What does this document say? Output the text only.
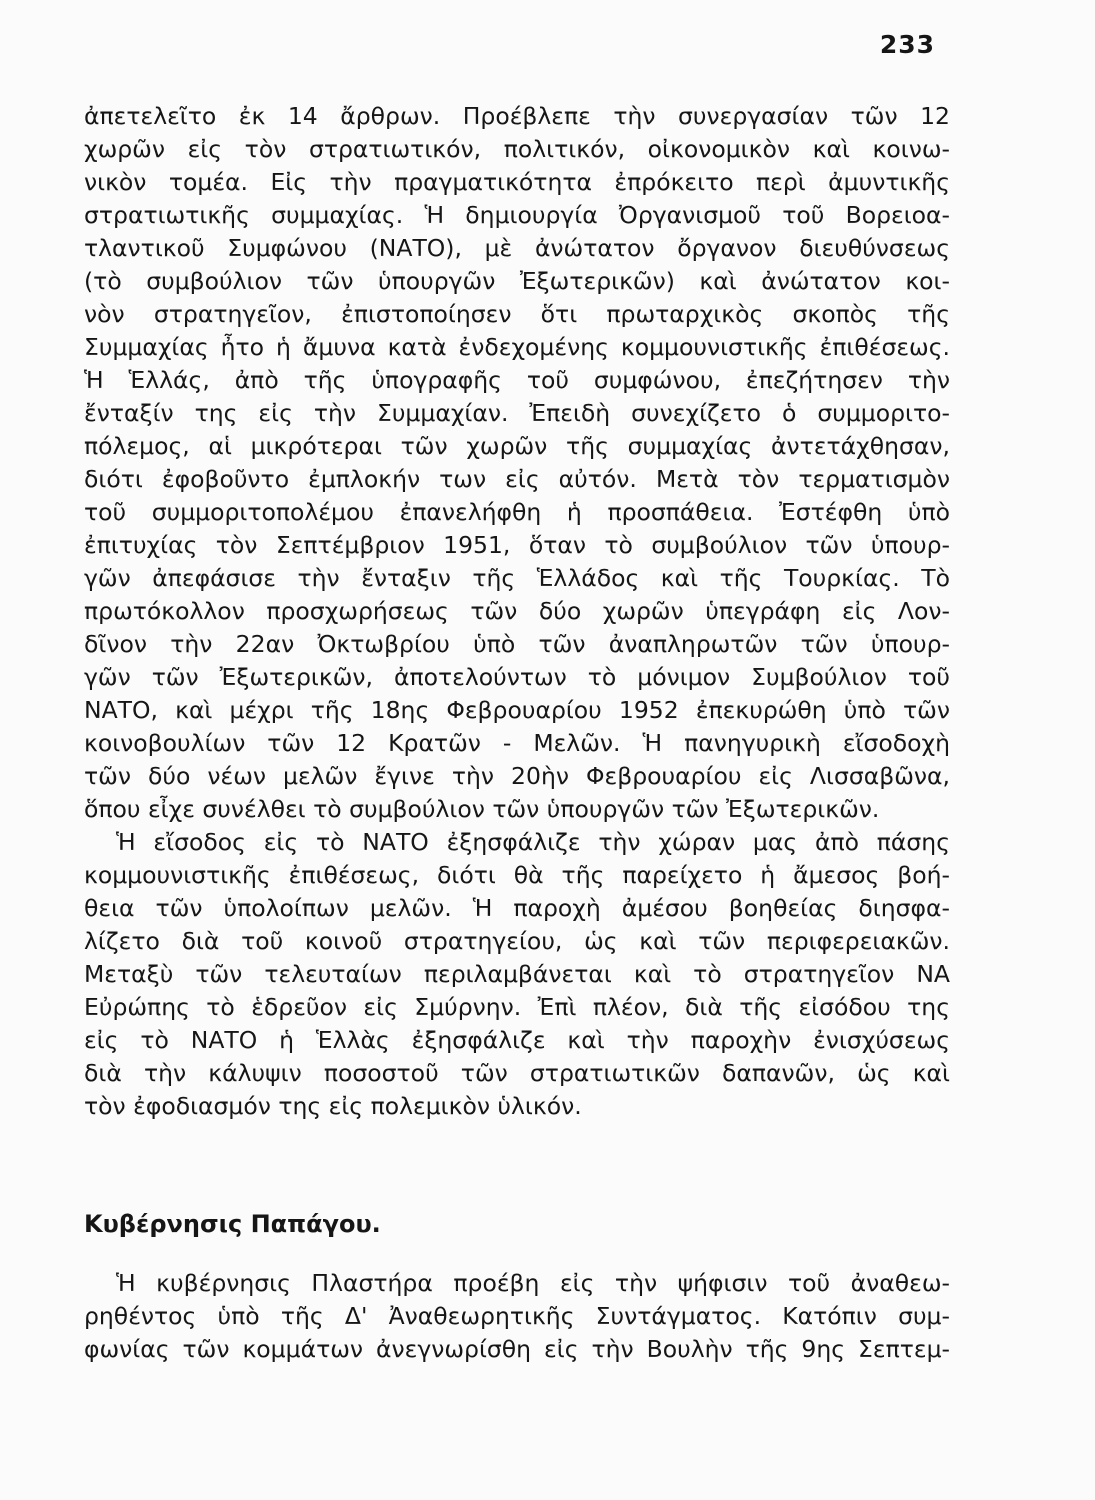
233
ἀπετελεῖτο ἐκ 14 ἄρθρων. Προέβλεπε τὴν συνεργασίαν τῶν 12
χωρῶν εἰς τὸν στρατιωτικόν, πολιτικόν, οἰκονομικὸν καὶ κοινω-
νικὸν τομέα. Εἰς τὴν πραγματικότητα ἐπρόκειτο περὶ ἀμυντικῆς
στρατιωτικῆς συμμαχίας. Ἡ δημιουργία Ὀργανισμοῦ τοῦ Βορειοα-
τλαντικοῦ Συμφώνου (ΝΑΤΟ), μὲ ἀνώτατον ὄργανον διευθύνσεως
(τὸ συμβούλιον τῶν ὑπουργῶν Ἐξωτερικῶν) καὶ ἀνώτατον κοι-
νὸν στρατηγεῖον, ἐπιστοποίησεν ὅτι πρωταρχικὸς σκοπὸς τῆς
Συμμαχίας ἦτο ἡ ἄμυνα κατὰ ἐνδεχομένης κομμουνιστικῆς ἐπιθέσεως.
Ἡ Ἑλλάς, ἀπὸ τῆς ὑπογραφῆς τοῦ συμφώνου, ἐπεζήτησεν τὴν
ἔνταξίν της εἰς τὴν Συμμαχίαν. Ἐπειδὴ συνεχίζετο ὁ συμμοριτο-
πόλεμος, αἱ μικρότεραι τῶν χωρῶν τῆς συμμαχίας ἀντετάχθησαν,
διότι ἐφοβοῦντο ἐμπλοκήν των εἰς αὐτόν. Μετὰ τὸν τερματισμὸν
τοῦ συμμοριτοπολέμου ἐπανελήφθη ἡ προσπάθεια. Ἐστέφθη ὑπὸ
ἐπιτυχίας τὸν Σεπτέμβριον 1951, ὅταν τὸ συμβούλιον τῶν ὑπουρ-
γῶν ἀπεφάσισε τὴν ἔνταξιν τῆς Ἑλλάδος καὶ τῆς Τουρκίας. Τὸ
πρωτόκολλον προσχωρήσεως τῶν δύο χωρῶν ὑπεγράφη εἰς Λον-
δῖνον τὴν 22αν Ὀκτωβρίου ὑπὸ τῶν ἀναπληρωτῶν τῶν ὑπουρ-
γῶν τῶν Ἐξωτερικῶν, ἀποτελούντων τὸ μόνιμον Συμβούλιον τοῦ
ΝΑΤΟ, καὶ μέχρι τῆς 18ης Φεβρουαρίου 1952 ἐπεκυρώθη ὑπὸ τῶν
κοινοβουλίων τῶν 12 Κρατῶν - Μελῶν. Ἡ πανηγυρικὴ εἴσοδοχὴ
τῶν δύο νέων μελῶν ἔγινε τὴν 20ὴν Φεβρουαρίου εἰς Λισσαβῶνα,
ὅπου εἶχε συνέλθει τὸ συμβούλιον τῶν ὑπουργῶν τῶν Ἐξωτερικῶν.
Ἡ εἴσοδος εἰς τὸ ΝΑΤΟ ἐξησφάλιζε τὴν χώραν μας ἀπὸ πάσης
κομμουνιστικῆς ἐπιθέσεως, διότι θὰ τῆς παρείχετο ἡ ἄμεσος βοή-
θεια τῶν ὑπολοίπων μελῶν. Ἡ παροχὴ ἀμέσου βοηθείας διησφα-
λίζετο διὰ τοῦ κοινοῦ στρατηγείου, ὡς καὶ τῶν περιφερειακῶν.
Μεταξὺ τῶν τελευταίων περιλαμβάνεται καὶ τὸ στρατηγεῖον ΝΑ
Εὐρώπης τὸ ἑδρεῦον εἰς Σμύρνην. Ἐπὶ πλέον, διὰ τῆς εἰσόδου της
εἰς τὸ ΝΑΤΟ ἡ Ἑλλὰς ἐξησφάλιζε καὶ τὴν παροχὴν ἐνισχύσεως
διὰ τὴν κάλυψιν ποσοστοῦ τῶν στρατιωτικῶν δαπανῶν, ὡς καὶ
τὸν ἐφοδιασμόν της εἰς πολεμικὸν ὑλικόν.
Κυβέρνησις Παπάγου.
Ἡ κυβέρνησις Πλαστήρα προέβη εἰς τὴν ψήφισιν τοῦ ἀναθεω-
ρηθέντος ὑπὸ τῆς Δ' Ἀναθεωρητικῆς Συντάγματος. Κατόπιν συμ-
φωνίας τῶν κομμάτων ἀνεγνωρίσθη εἰς τὴν Βουλὴν τῆς 9ης Σεπτεμ-
